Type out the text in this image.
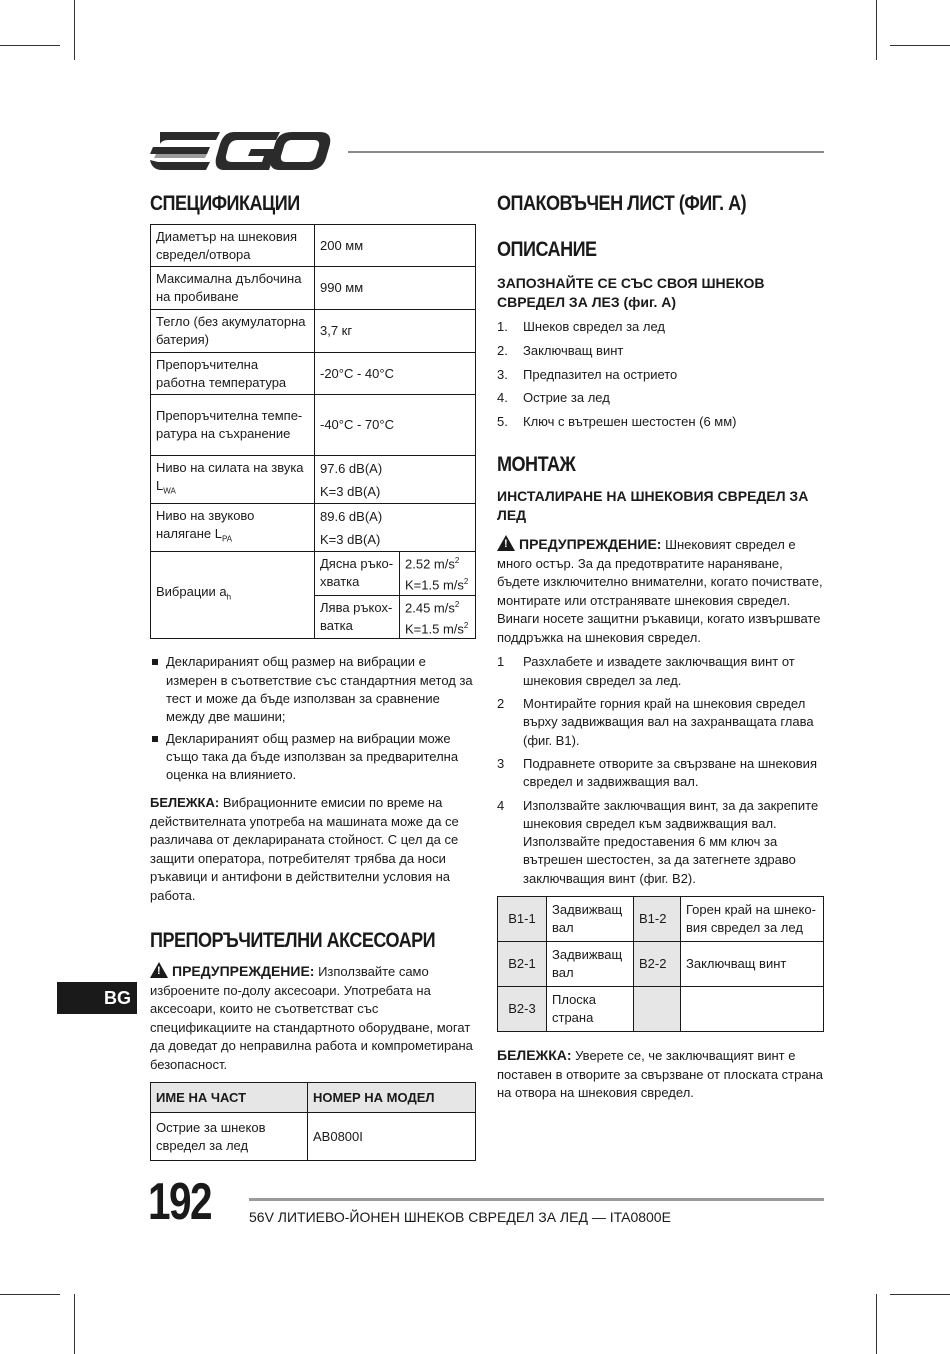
СПЕЦИФИКАЦИИ
Диаметър на шнековия свредел/отвора	200 мм	
Максимална дълбочина на пробиване	990 мм	
Тегло (без акумулаторна батерия)	3,7 кг	
Препоръчителна работна температура	-20°C - 40°C	
Препоръчителна темпе-ратура на съхранение	-40°C - 70°C	
Ниво на силата на звука $L_{WA}$	97.6 dB(A)
K=3 dB(A)	

Ниво на звуково налягане $L_{PA}$	89.6 dB(A)
K=3 dB(A)	

Вибрации $a_h$	Дясна ръко-хватка	2.52 $m/s^2$
K=1.5 $m/s^2$

	Лява ръкох-ватка	2.45 $m/s^2$
K=1.5 $m/s^2$
Декларираният общ размер на вибрации е измерен в съответствие със стандартния метод за тест и може да бъде използван за сравнение между две машини;
Декларираният общ размер на вибрации може също така да бъде използван за предварителна оценка на влиянието.

БЕЛЕЖКА: Вибрационните емисии по време на действителната употреба на машината може да се различава от декларираната стойност. С цел да се защити оператора, потребителят трябва да носи ръкавици и антифони в действителни условия на работа.

ПРЕПОРЪЧИТЕЛНИ АКСЕСОАРИ

!ПРЕДУПРЕЖДЕНИЕ: Използвайте само изброените по-долу аксесоари. Употребата на аксесоари, които не съответстват със спецификациите на стандартното оборудване, могат да доведат до неправилна работа и компрометирана безопасност.

ИМЕ НА ЧАСТ	НОМЕР НА МОДЕЛ
Острие за шнеков свредел за лед	AB0800I
ОПАКОВЪЧЕН ЛИСТ (ФИГ. A)
ОПИСАНИЕ
ЗАПОЗНАЙТЕ СЕ СЪС СВОЯ ШНЕКОВ СВРЕДЕЛ ЗА ЛЕЗ (фиг. A)
1. Шнеков свредел за лед
2. Заключващ винт
3. Предпазител на острието
4. Острие за лед
5. Ключ с вътрешен шестостен (6 мм)
МОНТАЖ
ИНСТАЛИРАНЕ НА ШНЕКОВИЯ СВРЕДЕЛ ЗА ЛЕД

!ПРЕДУПРЕЖДЕНИЕ: Шнековият свредел е много остър. За да предотвратите нараняване, бъдете изключително внимателни, когато почиствате, монтирате или отстранявате шнековия свредел. Винаги носете защитни ръкавици, когато извършвате поддръжка на шнековия свредел.

1 Разхлабете и извадете заключващия винт от шнековия свредел за лед.
2 Монтирайте горния край на шнековия свредел върху задвижващия вал на захранващата глава (фиг. B1).
3 Подравнете отворите за свързване на шнековия свредел и задвижващия вал.
4 Използвайте заключващия винт, за да закрепите шнековия свредел към задвижващия вал. Използвайте предоставения 6 мм ключ за вътрешен шестостен, за да затегнете здраво заключващия винт (фиг. B2).
B1-1	Задвижващ вал	B1-2	Горен край на шнеко-вия свредел за лед
B2-1	Задвижващ вал	B2-2	Заключващ винт
B2-3	Плоска страна		

БЕЛЕЖКА: Уверете се, че заключващият винт е поставен в отворите за свързване от плоската страна на отвора на шнековия свредел.

BG
192	56V ЛИТИЕВО-ЙОНЕН ШНЕКОВ СВРЕДЕЛ ЗА ЛЕД — ITA0800E
